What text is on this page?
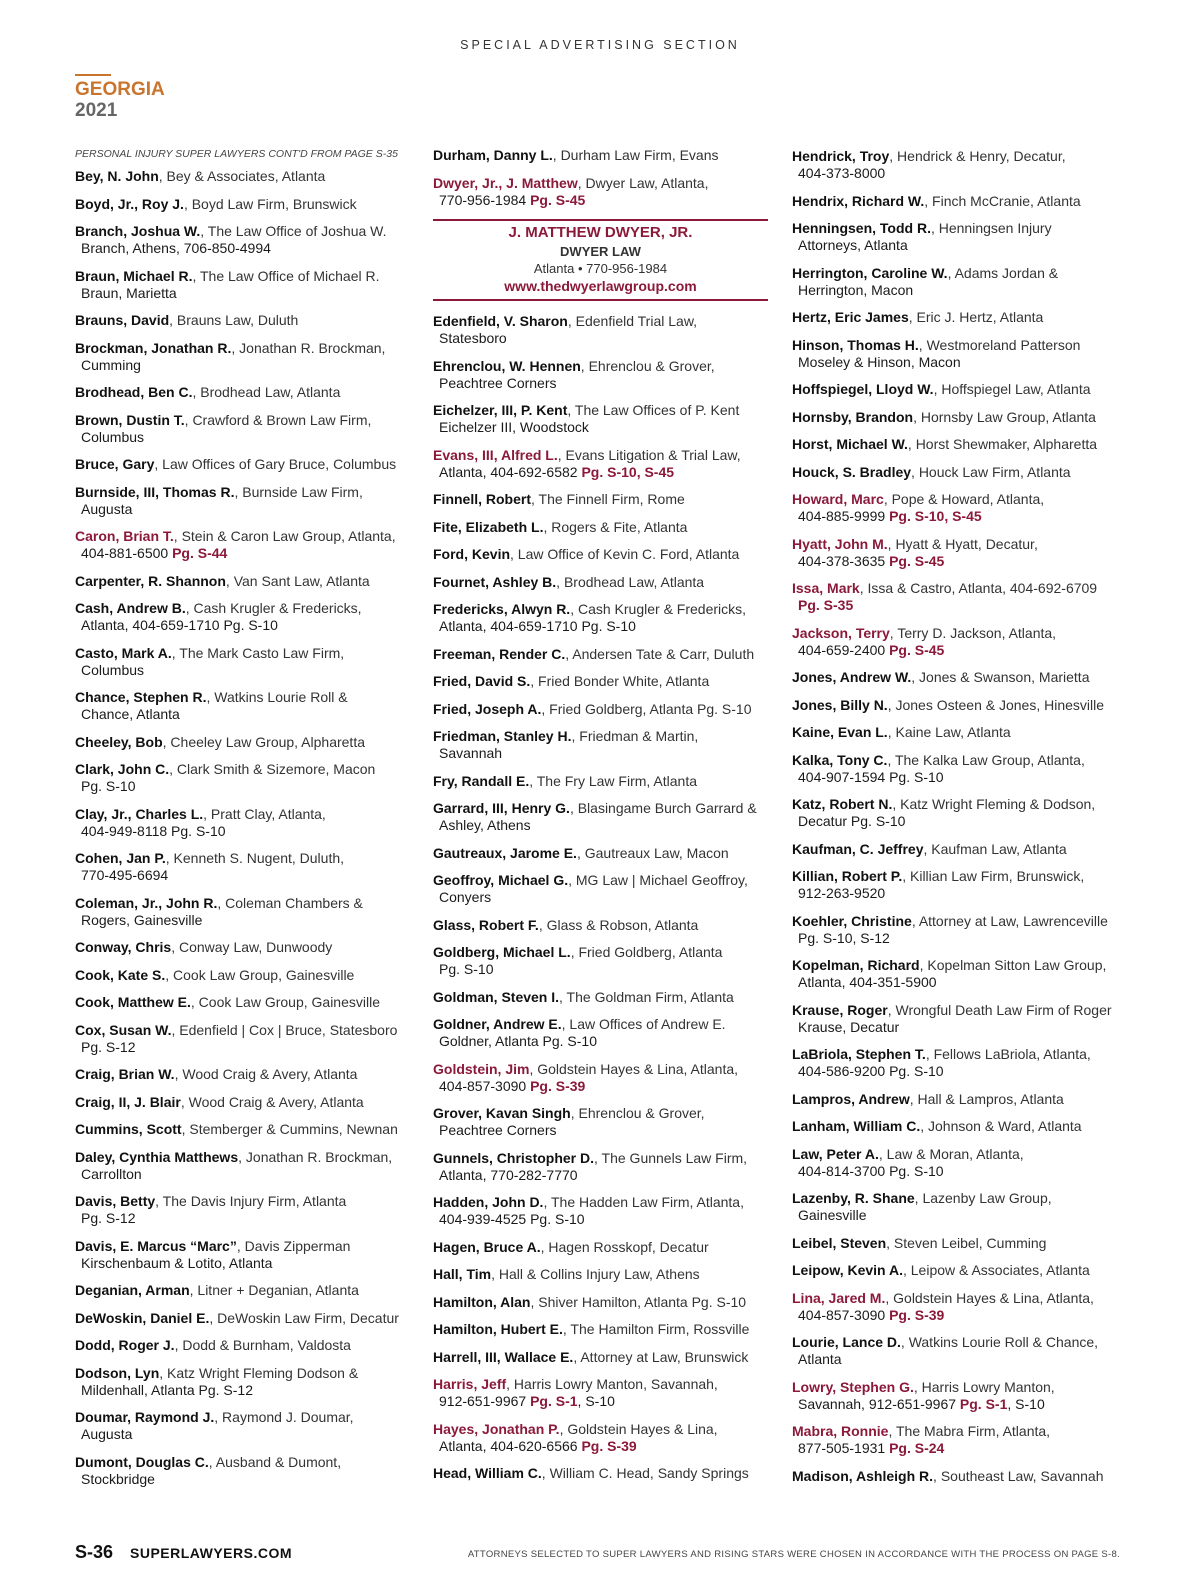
SPECIAL ADVERTISING SECTION
GEORGIA
2021
PERSONAL INJURY SUPER LAWYERS CONT'D FROM PAGE S-35
Bey, N. John, Bey & Associates, Atlanta
Boyd, Jr., Roy J., Boyd Law Firm, Brunswick
Branch, Joshua W., The Law Office of Joshua W.
Branch, Athens, 706-850-4994
Braun, Michael R., The Law Office of Michael R.
Braun, Marietta
Brauns, David, Brauns Law, Duluth
Brockman, Jonathan R., Jonathan R. Brockman,
Cumming
Brodhead, Ben C., Brodhead Law, Atlanta
Brown, Dustin T., Crawford & Brown Law Firm,
Columbus
Bruce, Gary, Law Offices of Gary Bruce, Columbus
Burnside, III, Thomas R., Burnside Law Firm,
Augusta
Caron, Brian T., Stein & Caron Law Group, Atlanta,
404-881-6500 Pg. S-44
Carpenter, R. Shannon, Van Sant Law, Atlanta
Cash, Andrew B., Cash Krugler & Fredericks,
Atlanta, 404-659-1710 Pg. S-10
Casto, Mark A., The Mark Casto Law Firm,
Columbus
Chance, Stephen R., Watkins Lourie Roll &
Chance, Atlanta
Cheeley, Bob, Cheeley Law Group, Alpharetta
Clark, John C., Clark Smith & Sizemore, Macon
Pg. S-10
Clay, Jr., Charles L., Pratt Clay, Atlanta,
404-949-8118 Pg. S-10
Cohen, Jan P., Kenneth S. Nugent, Duluth,
770-495-6694
Coleman, Jr., John R., Coleman Chambers &
Rogers, Gainesville
Conway, Chris, Conway Law, Dunwoody
Cook, Kate S., Cook Law Group, Gainesville
Cook, Matthew E., Cook Law Group, Gainesville
Cox, Susan W., Edenfield | Cox | Bruce, Statesboro
Pg. S-12
Craig, Brian W., Wood Craig & Avery, Atlanta
Craig, II, J. Blair, Wood Craig & Avery, Atlanta
Cummins, Scott, Stemberger & Cummins, Newnan
Daley, Cynthia Matthews, Jonathan R. Brockman,
Carrollton
Davis, Betty, The Davis Injury Firm, Atlanta
Pg. S-12
Davis, E. Marcus “Marc”, Davis Zipperman
Kirschenbaum & Lotito, Atlanta
Deganian, Arman, Litner + Deganian, Atlanta
DeWoskin, Daniel E., DeWoskin Law Firm, Decatur
Dodd, Roger J., Dodd & Burnham, Valdosta
Dodson, Lyn, Katz Wright Fleming Dodson &
Mildenhall, Atlanta Pg. S-12
Doumar, Raymond J., Raymond J. Doumar,
Augusta
Dumont, Douglas C., Ausband & Dumont,
Stockbridge
Durham, Danny L., Durham Law Firm, Evans
Dwyer, Jr., J. Matthew, Dwyer Law, Atlanta,
770-956-1984 Pg. S-45
J. MATTHEW DWYER, JR.
DWYER LAW
Atlanta • 770-956-1984
www.thedwyerlawgroup.com
Edenfield, V. Sharon, Edenfield Trial Law,
Statesboro
Ehrenclou, W. Hennen, Ehrenclou & Grover,
Peachtree Corners
Eichelzer, III, P. Kent, The Law Offices of P. Kent
Eichelzer III, Woodstock
Evans, III, Alfred L., Evans Litigation & Trial Law,
Atlanta, 404-692-6582 Pg. S-10, S-45
Finnell, Robert, The Finnell Firm, Rome
Fite, Elizabeth L., Rogers & Fite, Atlanta
Ford, Kevin, Law Office of Kevin C. Ford, Atlanta
Fournet, Ashley B., Brodhead Law, Atlanta
Fredericks, Alwyn R., Cash Krugler & Fredericks,
Atlanta, 404-659-1710 Pg. S-10
Freeman, Render C., Andersen Tate & Carr, Duluth
Fried, David S., Fried Bonder White, Atlanta
Fried, Joseph A., Fried Goldberg, Atlanta Pg. S-10
Friedman, Stanley H., Friedman & Martin,
Savannah
Fry, Randall E., The Fry Law Firm, Atlanta
Garrard, III, Henry G., Blasingame Burch Garrard &
Ashley, Athens
Gautreaux, Jarome E., Gautreaux Law, Macon
Geoffroy, Michael G., MG Law | Michael Geoffroy,
Conyers
Glass, Robert F., Glass & Robson, Atlanta
Goldberg, Michael L., Fried Goldberg, Atlanta
Pg. S-10
Goldman, Steven I., The Goldman Firm, Atlanta
Goldner, Andrew E., Law Offices of Andrew E.
Goldner, Atlanta Pg. S-10
Goldstein, Jim, Goldstein Hayes & Lina, Atlanta,
404-857-3090 Pg. S-39
Grover, Kavan Singh, Ehrenclou & Grover,
Peachtree Corners
Gunnels, Christopher D., The Gunnels Law Firm,
Atlanta, 770-282-7770
Hadden, John D., The Hadden Law Firm, Atlanta,
404-939-4525 Pg. S-10
Hagen, Bruce A., Hagen Rosskopf, Decatur
Hall, Tim, Hall & Collins Injury Law, Athens
Hamilton, Alan, Shiver Hamilton, Atlanta Pg. S-10
Hamilton, Hubert E., The Hamilton Firm, Rossville
Harrell, III, Wallace E., Attorney at Law, Brunswick
Harris, Jeff, Harris Lowry Manton, Savannah,
912-651-9967 Pg. S-1, S-10
Hayes, Jonathan P., Goldstein Hayes & Lina,
Atlanta, 404-620-6566 Pg. S-39
Head, William C., William C. Head, Sandy Springs
Hendrick, Troy, Hendrick & Henry, Decatur,
404-373-8000
Hendrix, Richard W., Finch McCranie, Atlanta
Henningsen, Todd R., Henningsen Injury
Attorneys, Atlanta
Herrington, Caroline W., Adams Jordan &
Herrington, Macon
Hertz, Eric James, Eric J. Hertz, Atlanta
Hinson, Thomas H., Westmoreland Patterson
Moseley & Hinson, Macon
Hoffspiegel, Lloyd W., Hoffspiegel Law, Atlanta
Hornsby, Brandon, Hornsby Law Group, Atlanta
Horst, Michael W., Horst Shewmaker, Alpharetta
Houck, S. Bradley, Houck Law Firm, Atlanta
Howard, Marc, Pope & Howard, Atlanta,
404-885-9999 Pg. S-10, S-45
Hyatt, John M., Hyatt & Hyatt, Decatur,
404-378-3635 Pg. S-45
Issa, Mark, Issa & Castro, Atlanta, 404-692-6709
Pg. S-35
Jackson, Terry, Terry D. Jackson, Atlanta,
404-659-2400 Pg. S-45
Jones, Andrew W., Jones & Swanson, Marietta
Jones, Billy N., Jones Osteen & Jones, Hinesville
Kaine, Evan L., Kaine Law, Atlanta
Kalka, Tony C., The Kalka Law Group, Atlanta,
404-907-1594 Pg. S-10
Katz, Robert N., Katz Wright Fleming & Dodson,
Decatur Pg. S-10
Kaufman, C. Jeffrey, Kaufman Law, Atlanta
Killian, Robert P., Killian Law Firm, Brunswick,
912-263-9520
Koehler, Christine, Attorney at Law, Lawrenceville
Pg. S-10, S-12
Kopelman, Richard, Kopelman Sitton Law Group,
Atlanta, 404-351-5900
Krause, Roger, Wrongful Death Law Firm of Roger
Krause, Decatur
LaBriola, Stephen T., Fellows LaBriola, Atlanta,
404-586-9200 Pg. S-10
Lampros, Andrew, Hall & Lampros, Atlanta
Lanham, William C., Johnson & Ward, Atlanta
Law, Peter A., Law & Moran, Atlanta,
404-814-3700 Pg. S-10
Lazenby, R. Shane, Lazenby Law Group,
Gainesville
Leibel, Steven, Steven Leibel, Cumming
Leipow, Kevin A., Leipow & Associates, Atlanta
Lina, Jared M., Goldstein Hayes & Lina, Atlanta,
404-857-3090 Pg. S-39
Lourie, Lance D., Watkins Lourie Roll & Chance,
Atlanta
Lowry, Stephen G., Harris Lowry Manton,
Savannah, 912-651-9967 Pg. S-1, S-10
Mabra, Ronnie, The Mabra Firm, Atlanta,
877-505-1931 Pg. S-24
Madison, Ashleigh R., Southeast Law, Savannah
S-36 SUPERLAWYERS.COM	ATTORNEYS SELECTED TO SUPER LAWYERS AND RISING STARS WERE CHOSEN IN ACCORDANCE WITH THE PROCESS ON PAGE S-8.
